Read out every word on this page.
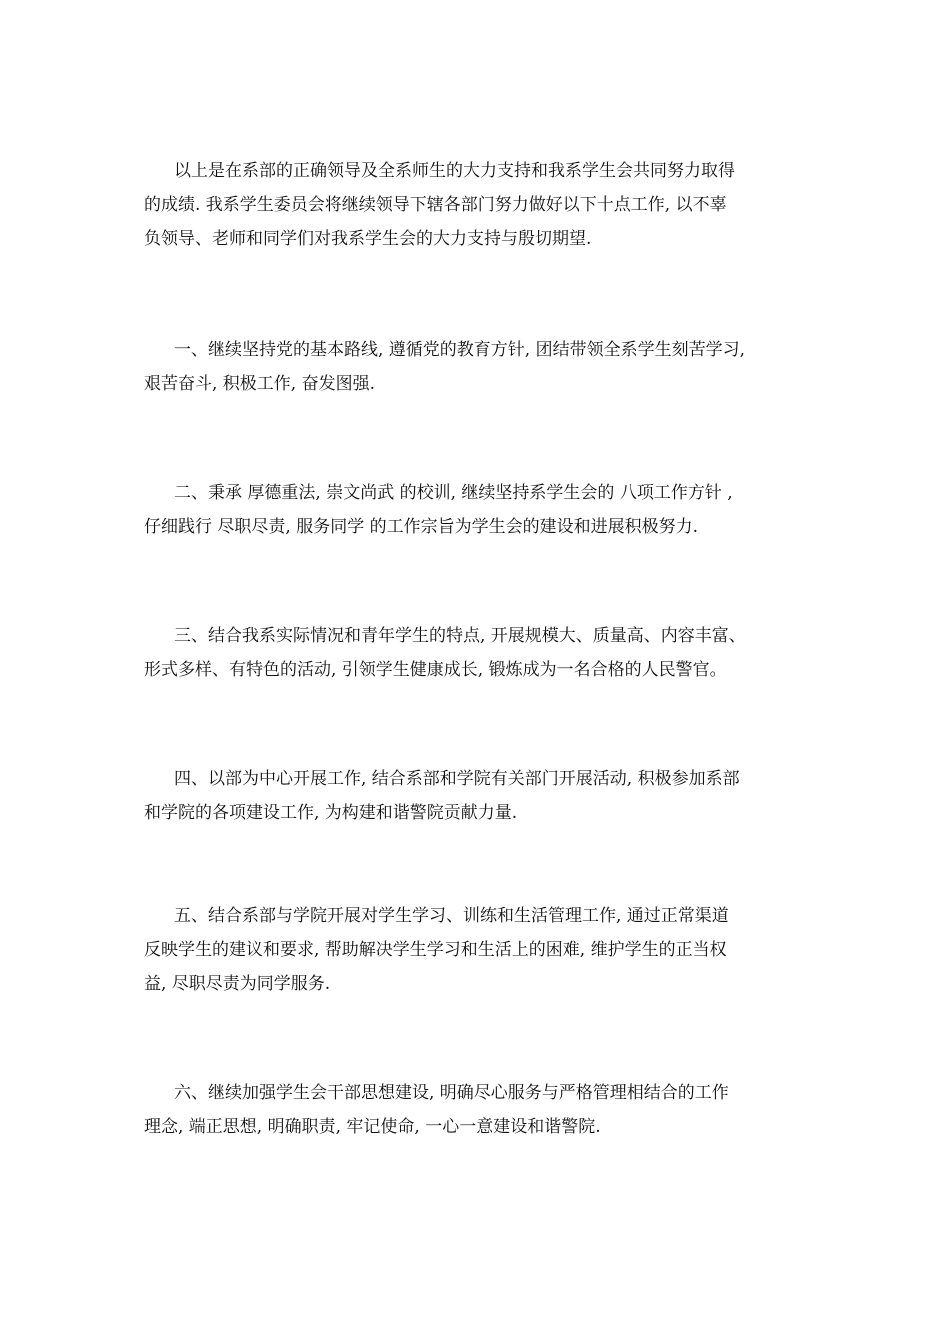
以上是在系部的正确领导及全系师生的大力支持和我系学生会共同努力取得
的成绩. 我系学生委员会将继续领导下辖各部门努力做好以下十点工作, 以不辜
负领导、老师和同学们对我系学生会的大力支持与殷切期望.

一、继续坚持党的基本路线, 遵循党的教育方针, 团结带领全系学生刻苦学习,
艰苦奋斗, 积极工作, 奋发图强.

二、秉承 厚德重法, 崇文尚武 的校训, 继续坚持系学生会的 八项工作方针 ,
仔细践行 尽职尽责, 服务同学 的工作宗旨为学生会的建设和进展积极努力.

三、结合我系实际情况和青年学生的特点, 开展规模大、质量高、内容丰富、
形式多样、有特色的活动, 引领学生健康成长, 锻炼成为一名合格的人民警官。

四、以部为中心开展工作, 结合系部和学院有关部门开展活动, 积极参加系部
和学院的各项建设工作, 为构建和谐警院贡献力量.

五、结合系部与学院开展对学生学习、训练和生活管理工作, 通过正常渠道
反映学生的建议和要求, 帮助解决学生学习和生活上的困难, 维护学生的正当权
益, 尽职尽责为同学服务.

六、继续加强学生会干部思想建设, 明确尽心服务与严格管理相结合的工作
理念, 端正思想, 明确职责, 牢记使命, 一心一意建设和谐警院.
